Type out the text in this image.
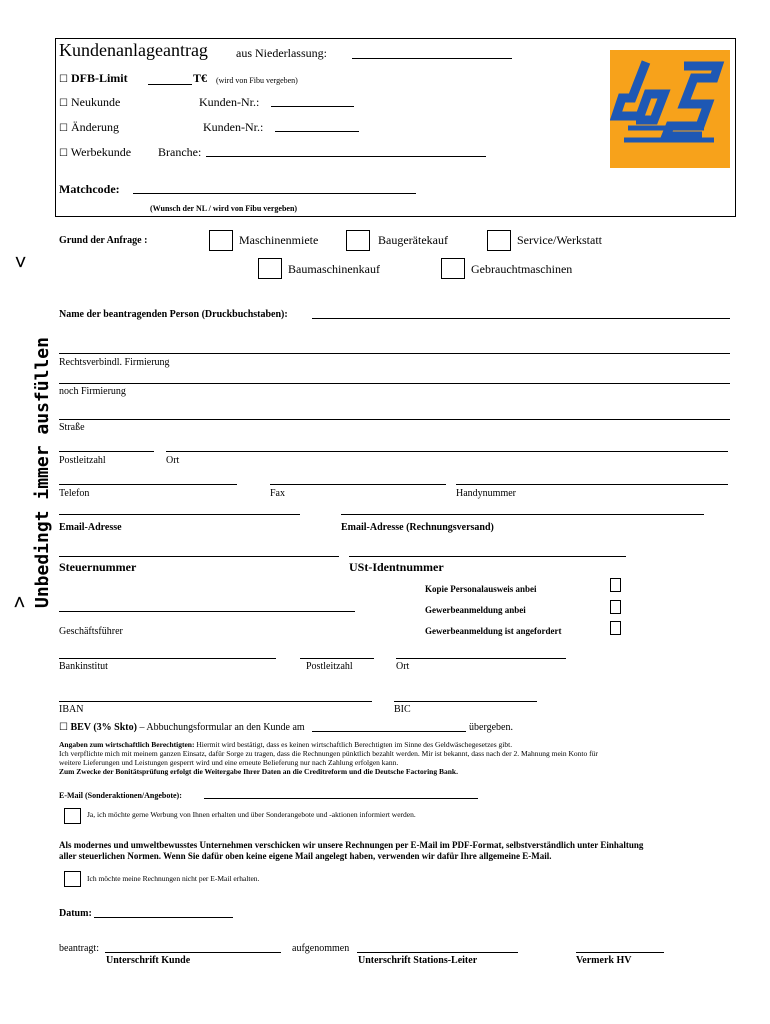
Kundenanlageantrag aus Niederlassung:
☐ DFB-Limit	T€ (wird von Fibu vergeben)
☐ Neukunde	Kunden-Nr.:
☐ Änderung	Kunden-Nr.:
☐ Werbekunde Branche:
Matchcode:
(Wunsch der NL / wird von Fibu vergeben)
<
< Unbedingt immer ausfüllen
Grund der Anfrage :	Maschinenmiete	Baugerätekauf	Service/Werkstatt
Baumaschinenkauf	Gebrauchtmaschinen
Name der beantragenden Person (Druckbuchstaben):
Rechtsverbindl. Firmierung
noch Firmierung
Straße
Postleitzahl	Ort
Telefon	Fax	Handynummer
Email-Adresse	Email-Adresse (Rechnungsversand)
Steuernummer	USt-Identnummer
Kopie Personalausweis anbei
Gewerbeanmeldung anbei
Geschäftsführer	Gewerbeanmeldung ist angefordert
Bankinstitut	Postleitzahl	Ort
IBAN	BIC
☐ BEV (3% Skto) – Abbuchungsformular an den Kunde am	übergeben.
Angaben zum wirtschaftlich Berechtigten: Hiermit wird bestätigt, dass es keinen wirtschaftlich Berechtigten im Sinne des Geldwäschegesetzes gibt.
Ich verpflichte mich mit meinem ganzen Einsatz, dafür Sorge zu tragen, dass die Rechnungen pünktlich bezahlt werden. Mir ist bekannt, dass nach der 2. Mahnung mein Konto für
weitere Lieferungen und Leistungen gesperrt wird und eine erneute Belieferung nur nach Zahlung erfolgen kann.
Zum Zwecke der Bonitätsprüfung erfolgt die Weitergabe Ihrer Daten an die Creditreform und die Deutsche Factoring Bank.
E-Mail (Sonderaktionen/Angebote):
Ja, ich möchte gerne Werbung von Ihnen erhalten und über Sonderangebote und -aktionen informiert werden.
Als modernes und umweltbewusstes Unternehmen verschicken wir unsere Rechnungen per E-Mail im PDF-Format, selbstverständlich unter Einhaltung
aller steuerlichen Normen. Wenn Sie dafür oben keine eigene Mail angelegt haben, verwenden wir dafür Ihre allgemeine E-Mail.
Ich möchte meine Rechnungen nicht per E-Mail erhalten.
Datum:
beantragt:	aufgenommen
Unterschrift Kunde	Unterschrift Stations-Leiter	Vermerk HV
